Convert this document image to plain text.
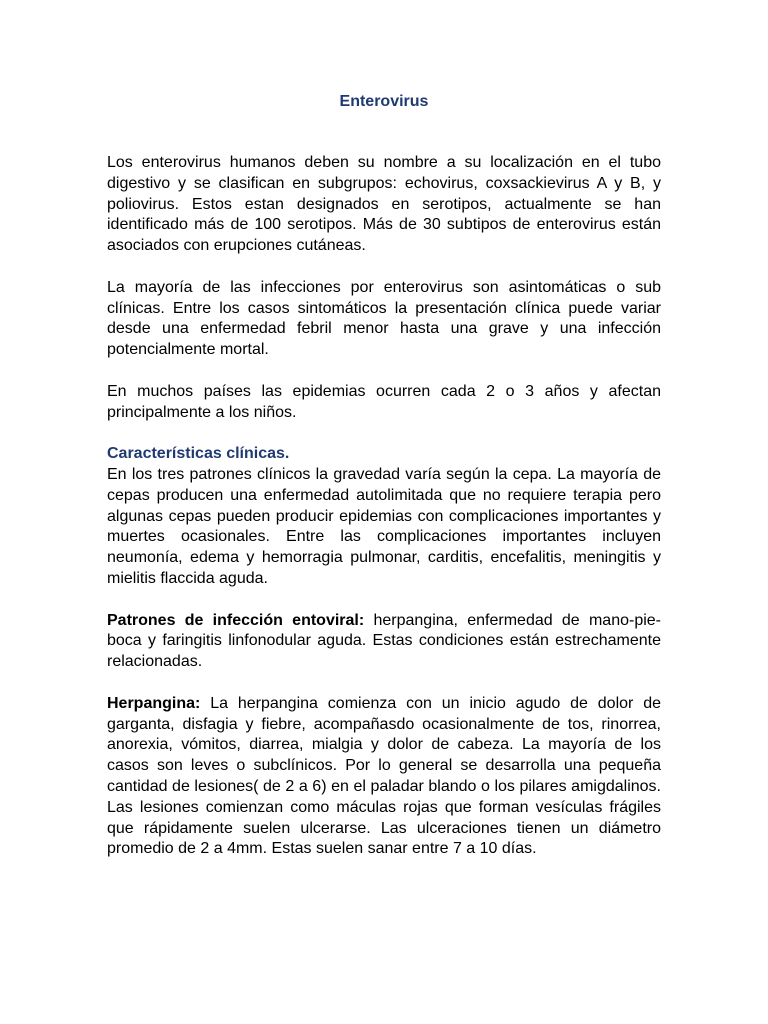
Enterovirus

Los enterovirus humanos deben su nombre a su localización en el tubo digestivo y se clasifican en subgrupos: echovirus, coxsackievirus A y B, y poliovirus. Estos estan designados en serotipos, actualmente se han identificado más de 100 serotipos. Más de 30 subtipos de enterovirus están asociados con erupciones cutáneas.

La mayoría de las infecciones por enterovirus son asintomáticas o sub clínicas. Entre los casos sintomáticos la presentación clínica puede variar desde una enfermedad febril menor hasta una grave y una infección potencialmente mortal.

En muchos países las epidemias ocurren cada 2 o 3 años y afectan principalmente a los niños.

Características clínicas.

En los tres patrones clínicos la gravedad varía según la cepa. La mayoría de cepas producen una enfermedad autolimitada que no requiere terapia pero algunas cepas pueden producir epidemias con complicaciones importantes y muertes ocasionales. Entre las complicaciones importantes incluyen neumonía, edema y hemorragia pulmonar, carditis, encefalitis, meningitis y mielitis flaccida aguda.

Patrones de infección entoviral: herpangina, enfermedad de mano-pie-boca y faringitis linfonodular aguda. Estas condiciones están estrechamente relacionadas.

Herpangina: La herpangina comienza con un inicio agudo de dolor de garganta, disfagia y fiebre, acompañasdo ocasionalmente de tos, rinorrea, anorexia, vómitos, diarrea, mialgia y dolor de cabeza. La mayoría de los casos son leves o subclínicos. Por lo general se desarrolla una pequeña cantidad de lesiones( de 2 a 6) en el paladar blando o los pilares amigdalinos. Las lesiones comienzan como máculas rojas que forman vesículas frágiles que rápidamente suelen ulcerarse. Las ulceraciones tienen un diámetro promedio de 2 a 4mm. Estas suelen sanar entre 7 a 10 días.
